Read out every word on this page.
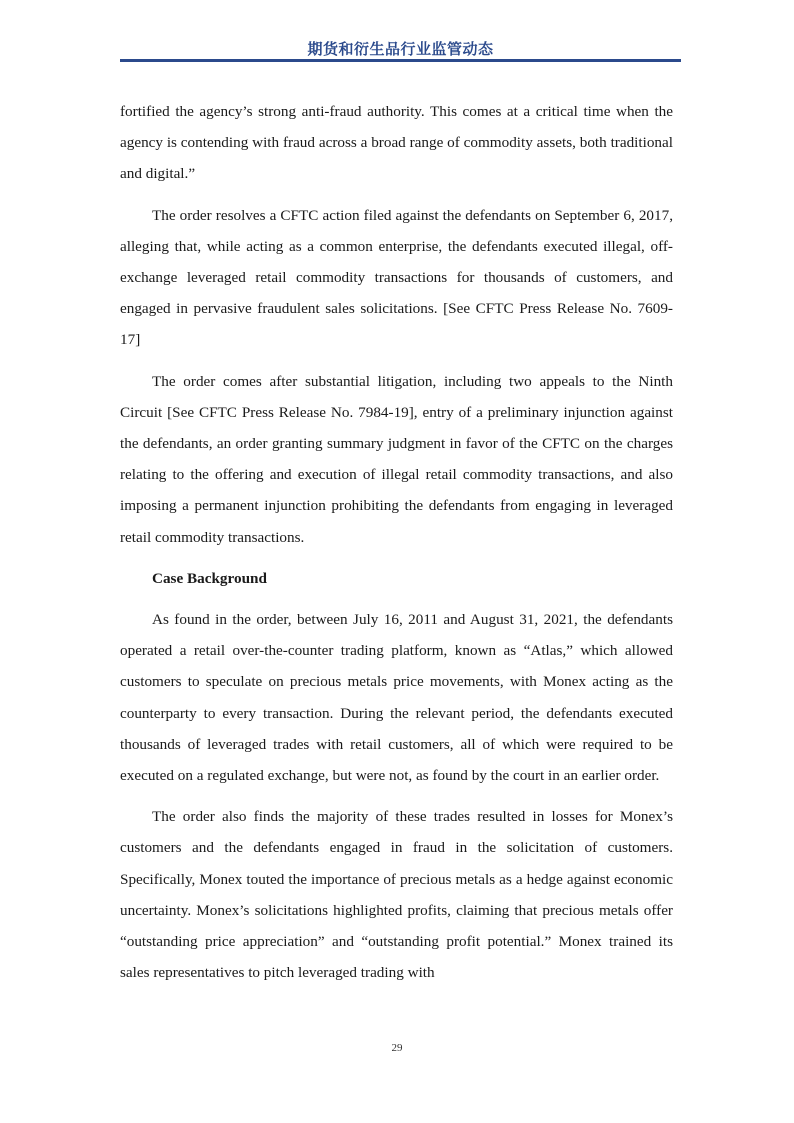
期货和衍生品行业监管动态

fortified the agency’s strong anti-fraud authority. This comes at a critical time when the agency is contending with fraud across a broad range of commodity assets, both traditional and digital.”

The order resolves a CFTC action filed against the defendants on September 6, 2017, alleging that, while acting as a common enterprise, the defendants executed illegal, off-exchange leveraged retail commodity transactions for thousands of customers, and engaged in pervasive fraudulent sales solicitations. [See CFTC Press Release No. 7609-17]

The order comes after substantial litigation, including two appeals to the Ninth Circuit [See CFTC Press Release No. 7984-19], entry of a preliminary injunction against the defendants, an order granting summary judgment in favor of the CFTC on the charges relating to the offering and execution of illegal retail commodity transactions, and also imposing a permanent injunction prohibiting the defendants from engaging in leveraged retail commodity transactions.

Case Background

As found in the order, between July 16, 2011 and August 31, 2021, the defendants operated a retail over-the-counter trading platform, known as “Atlas,” which allowed customers to speculate on precious metals price movements, with Monex acting as the counterparty to every transaction. During the relevant period, the defendants executed thousands of leveraged trades with retail customers, all of which were required to be executed on a regulated exchange, but were not, as found by the court in an earlier order.

The order also finds the majority of these trades resulted in losses for Monex’s customers and the defendants engaged in fraud in the solicitation of customers. Specifically, Monex touted the importance of precious metals as a hedge against economic uncertainty. Monex’s solicitations highlighted profits, claiming that precious metals offer “outstanding price appreciation” and “outstanding profit potential.” Monex trained its sales representatives to pitch leveraged trading with

29
